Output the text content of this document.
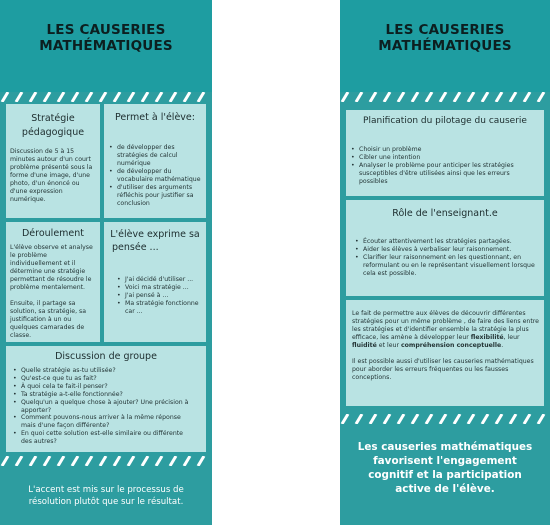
LES CAUSERIES
MATHÉMATIQUES
Stratégie
pédagogique
Discussion de 5 à 15 minutes autour d'un court problème présenté sous la forme d'une image, d'une photo, d'un énoncé ou d'une expression numérique.
Permet à l'élève:
• de développer des stratégies de calcul numérique
• de développer du vocabulaire mathématique
• d'utiliser des arguments réfléchis pour justifier sa conclusion
Déroulement
L'élève observe et analyse le problème individuellement et il détermine une stratégie permettant de résoudre le problème mentalement.
Ensuite, il partage sa solution, sa stratégie, sa justification à un ou quelques camarades de classe.
L'élève exprime sa
pensée ...
• J'ai décidé d'utiliser ...
• Voici ma stratégie ...
• J'ai pensé à ...
• Ma stratégie fonctionne car ...
Discussion de groupe
• Quelle stratégie as-tu utilisée?
• Qu'est-ce que tu as fait?
• À quoi cela te fait-il penser?
• Ta stratégie a-t-elle fonctionnée?
• Quelqu'un a quelque chose à ajouter? Une précision à apporter?
• Comment pouvons-nous arriver à la même réponse mais d'une façon différente?
• En quoi cette solution est-elle similaire ou différente des autres?
L'accent est mis sur le processus de
résolution plutôt que sur le résultat.
LES CAUSERIES
MATHÉMATIQUES
Planification du pilotage du causerie
• Choisir un problème
• Cibler une intention
• Analyser le problème pour anticiper les stratégies susceptibles d'être utilisées ainsi que les erreurs possibles
Rôle de l'enseignant.e
• Écouter attentivement les stratégies partagées.
• Aider les élèves à verbaliser leur raisonnement.
• Clarifier leur raisonnement en les questionnant, en reformulant ou en le représentant visuellement lorsque cela est possible.
Le fait de permettre aux élèves de découvrir différentes stratégies pour un même problème , de faire des liens entre les stratégies et d'identifier ensemble la stratégie la plus efficace, les amène à développer leur flexibilité, leur fluidité et leur compréhension conceptuelle.
Il est possible aussi d'utiliser les causeries mathématiques pour aborder les erreurs fréquentes ou les fausses conceptions.
Les causeries mathématiques
favorisent l'engagement
cognitif et la participation
active de l'élève.
